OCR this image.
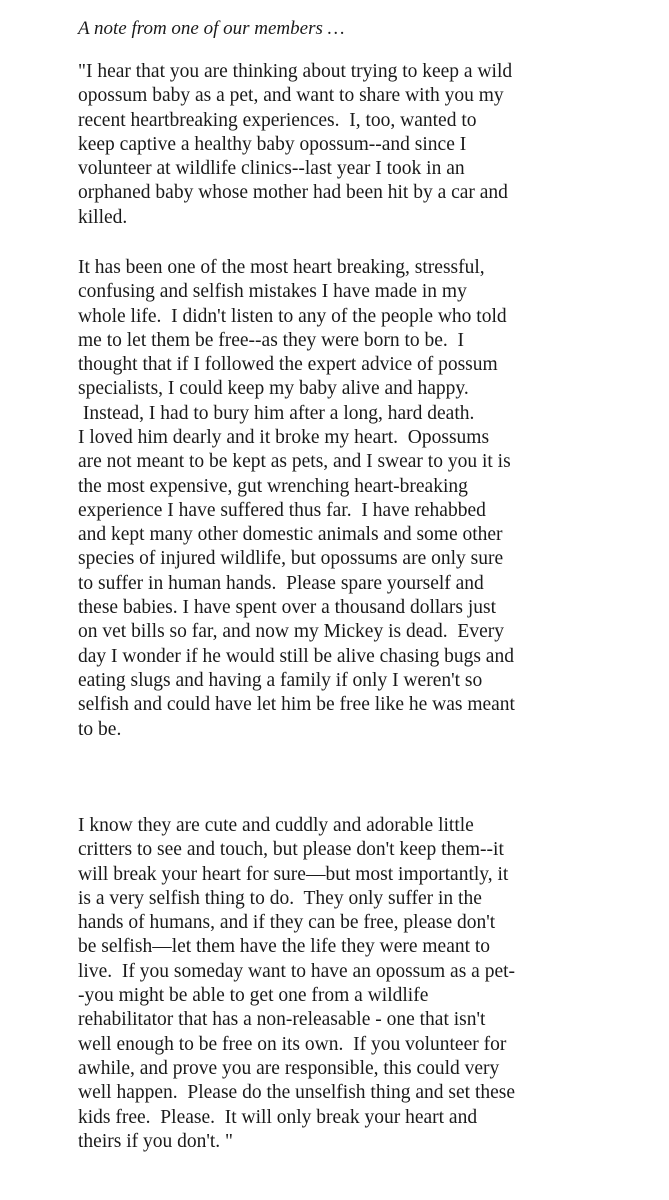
A note from one of our members …
"I hear that you are thinking about trying to keep a wild
opossum baby as a pet, and want to share with you my
recent heartbreaking experiences.  I, too, wanted to
keep captive a healthy baby opossum--and since I
volunteer at wildlife clinics--last year I took in an
orphaned baby whose mother had been hit by a car and
killed.
It has been one of the most heart breaking, stressful,
confusing and selfish mistakes I have made in my
whole life.  I didn't listen to any of the people who told
me to let them be free--as they were born to be.  I
thought that if I followed the expert advice of possum
specialists, I could keep my baby alive and happy.
Instead, I had to bury him after a long, hard death.
I loved him dearly and it broke my heart.  Opossums
are not meant to be kept as pets, and I swear to you it is
the most expensive, gut wrenching heart-breaking
experience I have suffered thus far.  I have rehabbed
and kept many other domestic animals and some other
species of injured wildlife, but opossums are only sure
to suffer in human hands.  Please spare yourself and
these babies. I have spent over a thousand dollars just
on vet bills so far, and now my Mickey is dead.  Every
day I wonder if he would still be alive chasing bugs and
eating slugs and having a family if only I weren't so
selfish and could have let him be free like he was meant
to be.
I know they are cute and cuddly and adorable little
critters to see and touch, but please don't keep them--it
will break your heart for sure—but most importantly, it
is a very selfish thing to do.  They only suffer in the
hands of humans, and if they can be free, please don't
be selfish—let them have the life they were meant to
live.  If you someday want to have an opossum as a pet-
-you might be able to get one from a wildlife
rehabilitator that has a non-releasable - one that isn't
well enough to be free on its own.  If you volunteer for
awhile, and prove you are responsible, this could very
well happen.  Please do the unselfish thing and set these
kids free.  Please.  It will only break your heart and
theirs if you don't. "
